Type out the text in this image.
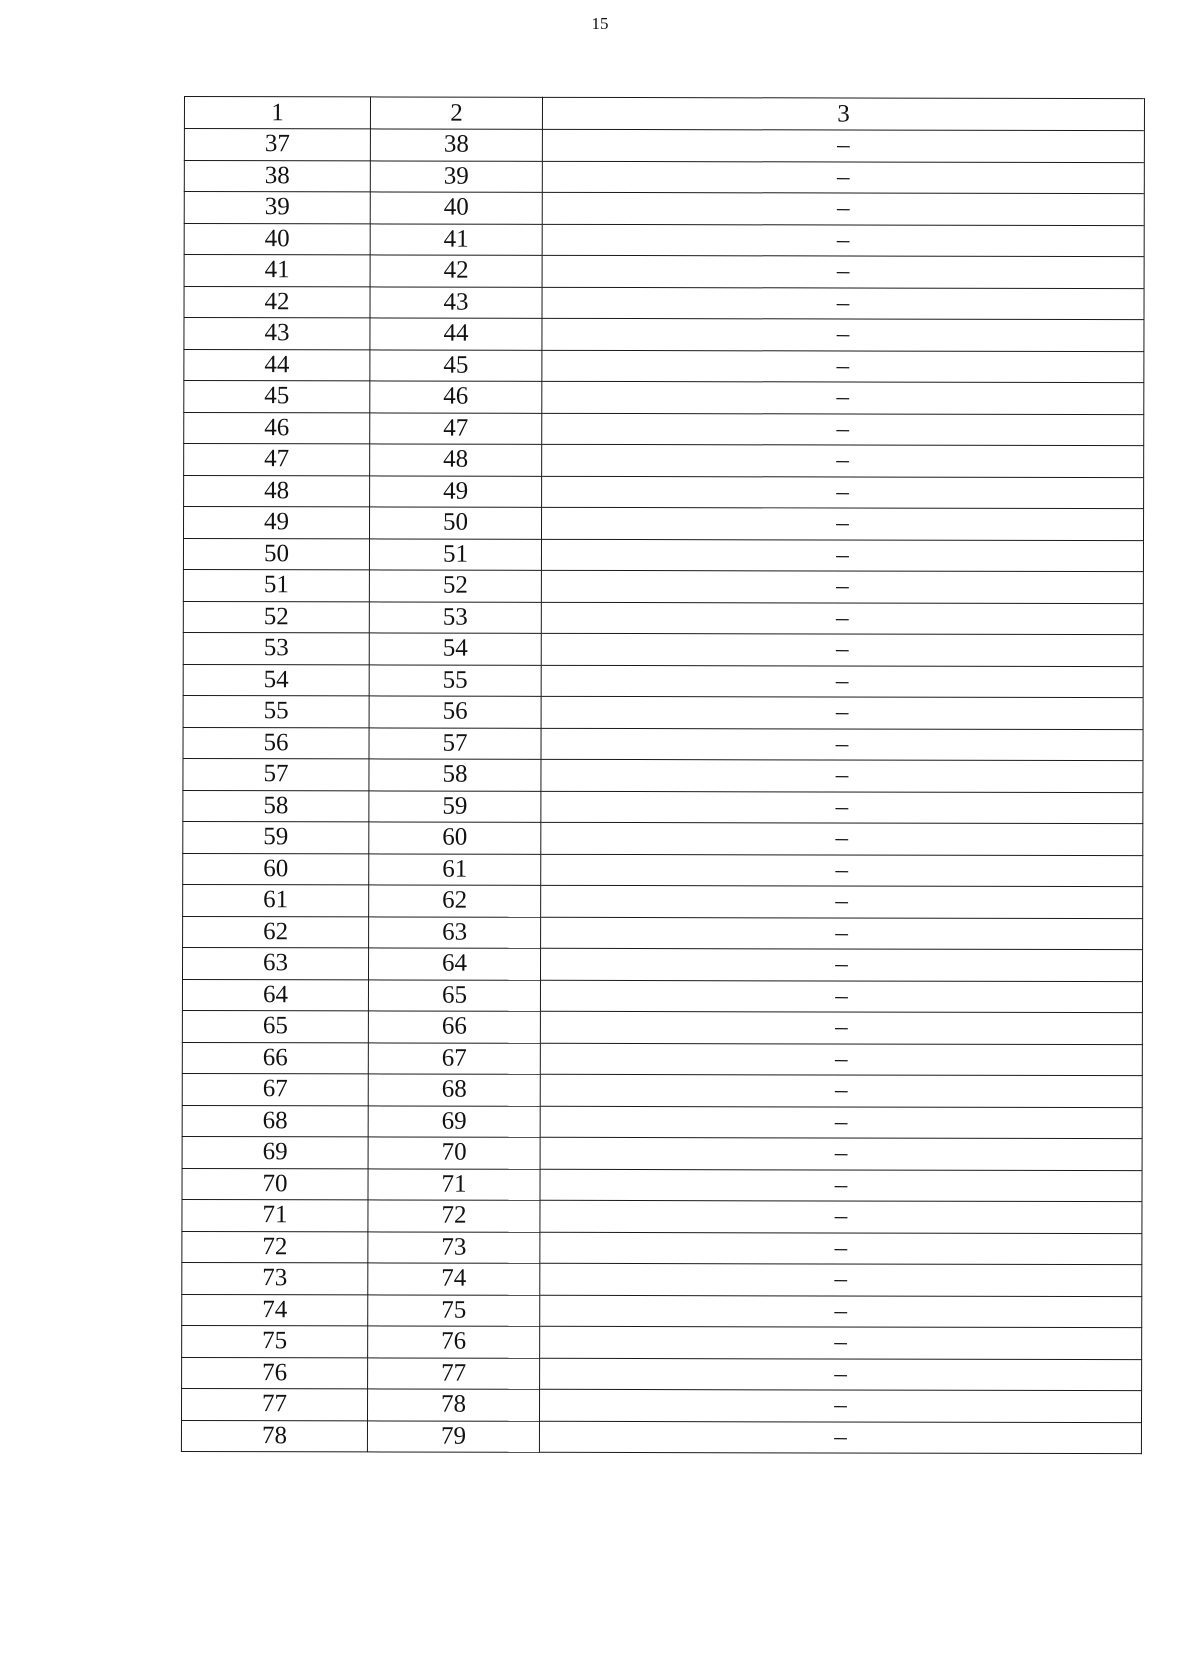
15
1	2	3
37	38	–
38	39	–
39	40	–
40	41	–
41	42	–
42	43	–
43	44	–
44	45	–
45	46	–
46	47	–
47	48	–
48	49	–
49	50	–
50	51	–
51	52	–
52	53	–
53	54	–
54	55	–
55	56	–
56	57	–
57	58	–
58	59	–
59	60	–
60	61	–
61	62	–
62	63	–
63	64	–
64	65	–
65	66	–
66	67	–
67	68	–
68	69	–
69	70	–
70	71	–
71	72	–
72	73	–
73	74	–
74	75	–
75	76	–
76	77	–
77	78	–
78	79	–
